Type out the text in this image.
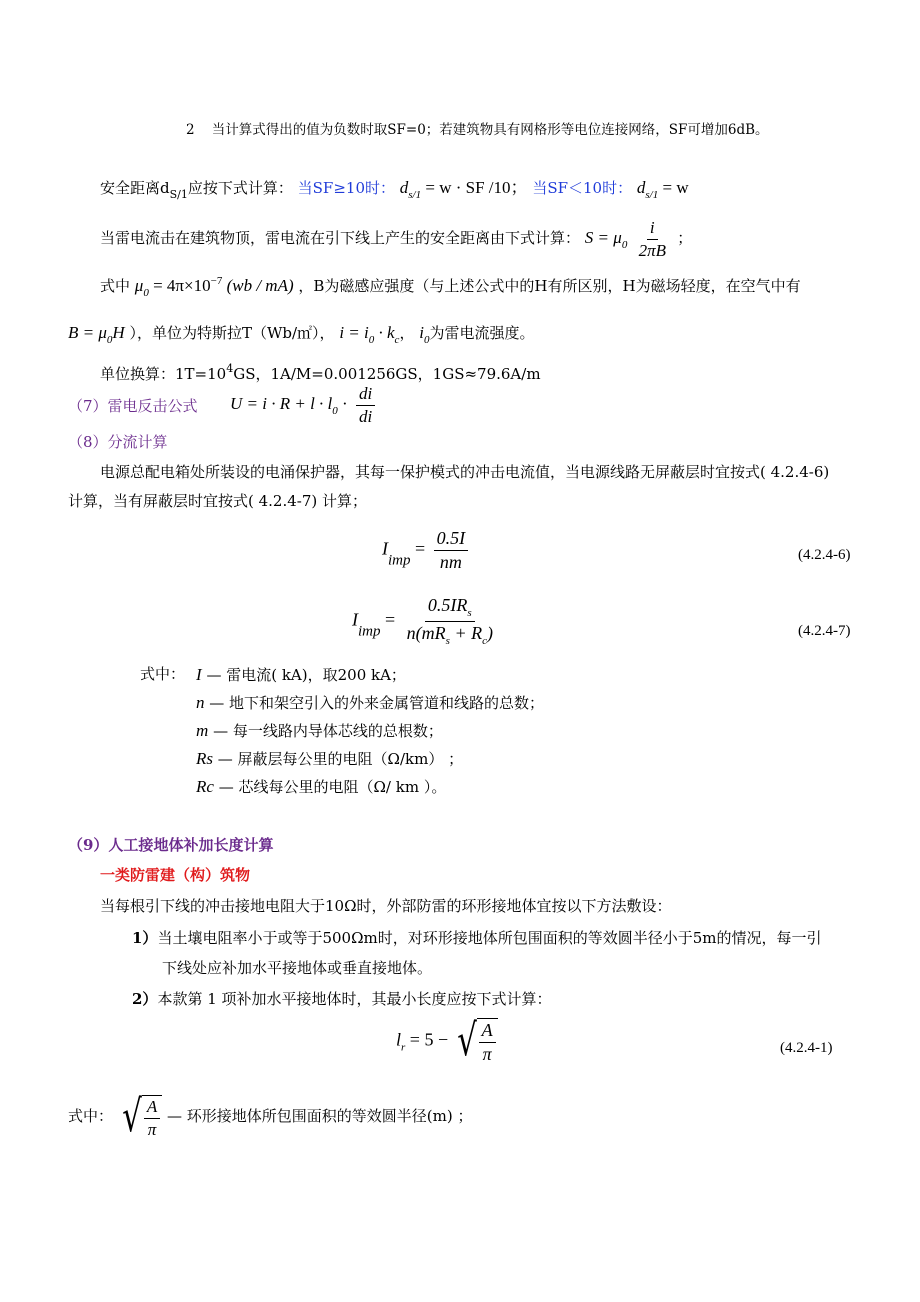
2 当计算式得出的值为负数时取SF=0；若建筑物具有网格形等电位连接网络，SF可增加6dB。
安全距离$d_{S/1}$应按下式计算： 当SF≥10时： $d_{s/1} = w$ · SF /10； 当SF＜10时： $d_{s/1} = w$
当雷电流击在建筑物顶，雷电流在引下线上产生的安全距离由下式计算： $S = \mu_0 \frac{i}{2\pi B}$ ；
式中 $\mu_0 = 4\pi\times 10^{-7}$ (wb / mA) ，B为磁感应强度（与上述公式中的H有所区别，H为磁场轻度，在空气中有
$B = \mu_0H$ ），单位为特斯拉T（Wb/㎡）， $i = i_0 \cdot k_c$， $i_0$为雷电流强度。
单位换算：$1T=10^4GS$，1A/M=0.001256GS，1GS≈79.6A/m
（7）雷电反击公式 $U = i \cdot R + l \cdot l_0 \cdot \frac{di}{di}$
（8）分流计算
电源总配电箱处所装设的电涌保护器，其每一保护模式的冲击电流值，当电源线路无屏蔽层时宜按式( 4.2.4-6)
计算，当有屏蔽层时宜按式( 4.2.4-7) 计算；
$I_{imp} = \frac{0.5I}{nm}$	(4.2.4-6)
$I_{imp} = \frac{0.5IR_s}{n(mR_s + R_c)}$	(4.2.4-7)
式中： I — 雷电流( kA)，取200 kA；
n — 地下和架空引入的外来金属管道和线路的总数；
m — 每一线路内导体芯线的总根数；
Rs — 屏蔽层每公里的电阻（Ω/km） ；
Rc — 芯线每公里的电阻（Ω/ km ）。
（9）人工接地体补加长度计算
一类防雷建（构）筑物
当每根引下线的冲击接地电阻大于10Ω时，外部防雷的环形接地体宜按以下方法敷设：
1）当土壤电阻率小于或等于500Ωm时，对环形接地体所包围面积的等效圆半径小于5m的情况，每一引
下线处应补加水平接地体或垂直接地体。
2）本款第 1 项补加水平接地体时，其最小长度应按下式计算：
$l_r = 5$ − √ $\frac{A}{\pi}$	(4.2.4-1)
式中： √ $\frac{A}{\pi}$ — 环形接地体所包围面积的等效圆半径(m) ；
